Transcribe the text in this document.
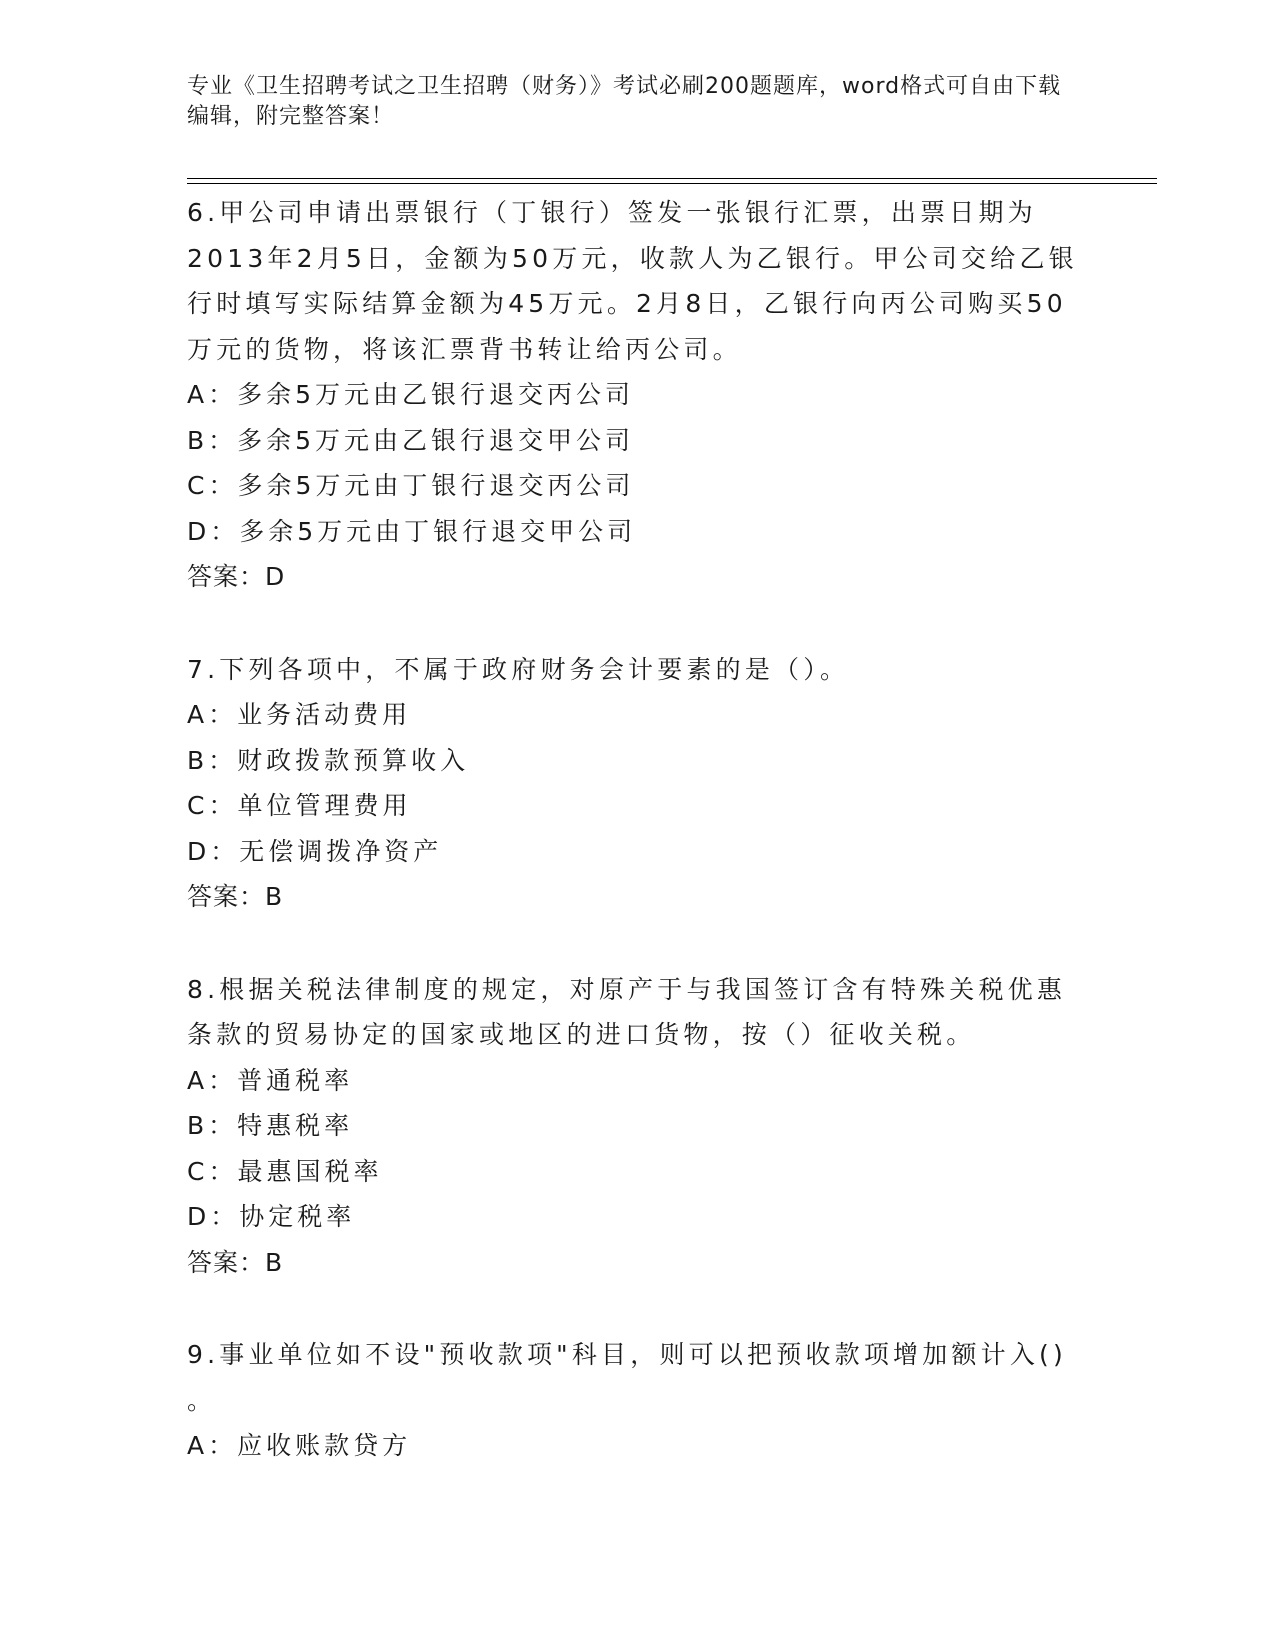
专业《卫生招聘考试之卫生招聘（财务）》考试必刷200题题库，word格式可自由下载编辑，附完整答案！
6.甲公司申请出票银行（丁银行）签发一张银行汇票，出票日期为
2013年2月5日，金额为50万元，收款人为乙银行。甲公司交给乙银
行时填写实际结算金额为45万元。2月8日，乙银行向丙公司购买50
万元的货物，将该汇票背书转让给丙公司。
A：多余5万元由乙银行退交丙公司
B：多余5万元由乙银行退交甲公司
C：多余5万元由丁银行退交丙公司
D：多余5万元由丁银行退交甲公司
答案：D
7.下列各项中，不属于政府财务会计要素的是（）。
A：业务活动费用
B：财政拨款预算收入
C：单位管理费用
D：无偿调拨净资产
答案：B
8.根据关税法律制度的规定，对原产于与我国签订含有特殊关税优惠
条款的贸易协定的国家或地区的进口货物，按（）征收关税。
A：普通税率
B：特惠税率
C：最惠国税率
D：协定税率
答案：B
9.事业单位如不设"预收款项"科目，则可以把预收款项增加额计入()
。
A：应收账款贷方
